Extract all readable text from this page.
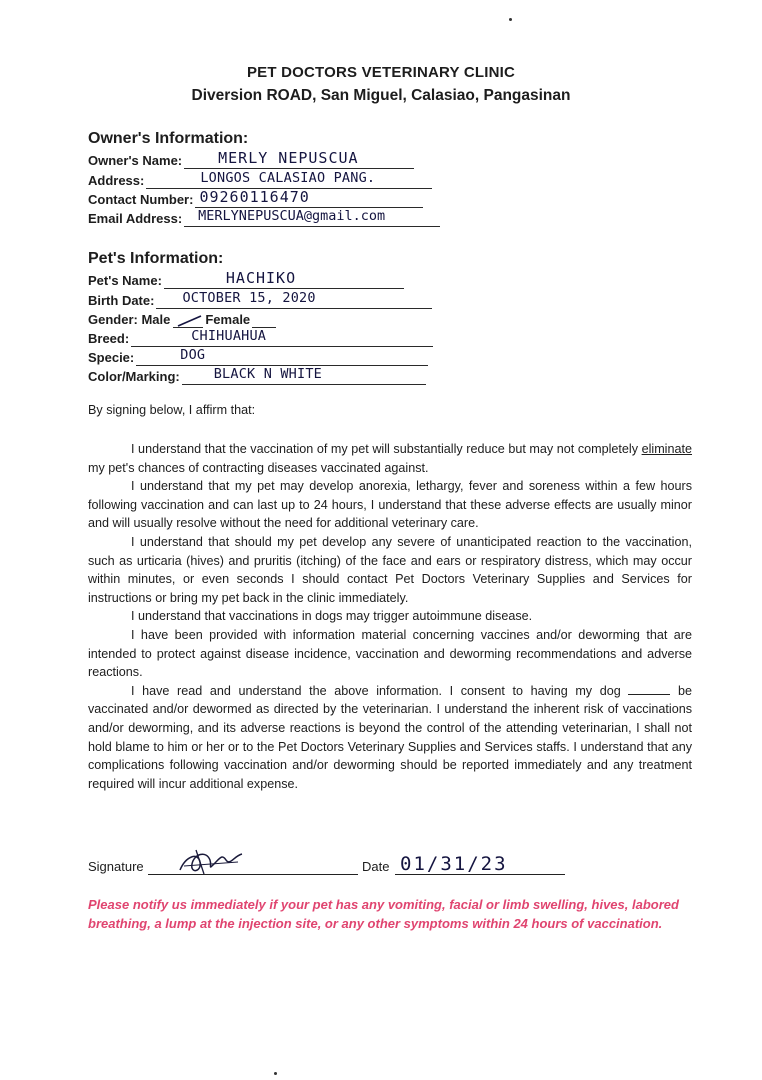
PET DOCTORS VETERINARY CLINIC
Diversion ROAD, San Miguel, Calasiao, Pangasinan
Owner's Information:
Owner's Name: MERLY NEPUSCUA
Address:	LONGOS CALASIAO PANG.
Contact Number: 09260116470
Email Address: MERLYNEPUSCUA@gmail.com
Pet's Information:
Pet's Name:	HACHIKO
Birth Date: OCTOBER 15, 2020
Gender: Male	Female
Breed:	CHIHUAHUA
Specie:	DOG
Color/Marking:	BLACK N WHITE
By signing below, I affirm that:

I understand that the vaccination of my pet will substantially reduce but may not completely eliminate my pet's chances of contracting diseases vaccinated against.

I understand that my pet may develop anorexia, lethargy, fever and soreness within a few hours following vaccination and can last up to 24 hours, I understand that these adverse effects are usually minor and will usually resolve without the need for additional veterinary care.

I understand that should my pet develop any severe of unanticipated reaction to the vaccination, such as urticaria (hives) and pruritis (itching) of the face and ears or respiratory distress, which may occur within minutes, or even seconds I should contact Pet Doctors Veterinary Supplies and Services for instructions or bring my pet back in the clinic immediately.

I understand that vaccinations in dogs may trigger autoimmune disease.

I have been provided with information material concerning vaccines and/or deworming that are intended to protect against disease incidence, vaccination and deworming recommendations and adverse reactions.

I have read and understand the above information. I consent to having my dog	be vaccinated and/or dewormed as directed by the veterinarian. I understand the inherent risk of vaccinations and/or deworming, and its adverse reactions is beyond the control of the attending veterinarian, I shall not hold blame to him or her or to the Pet Doctors Veterinary Supplies and Services staffs. I understand that any complications following vaccination and/or deworming should be reported immediately and any treatment required will incur additional expense.

Signature	Date 01/31/23
Please notify us immediately if your pet has any vomiting, facial or limb swelling, hives, labored breathing, a lump at the injection site, or any other symptoms within 24 hours of vaccination.
